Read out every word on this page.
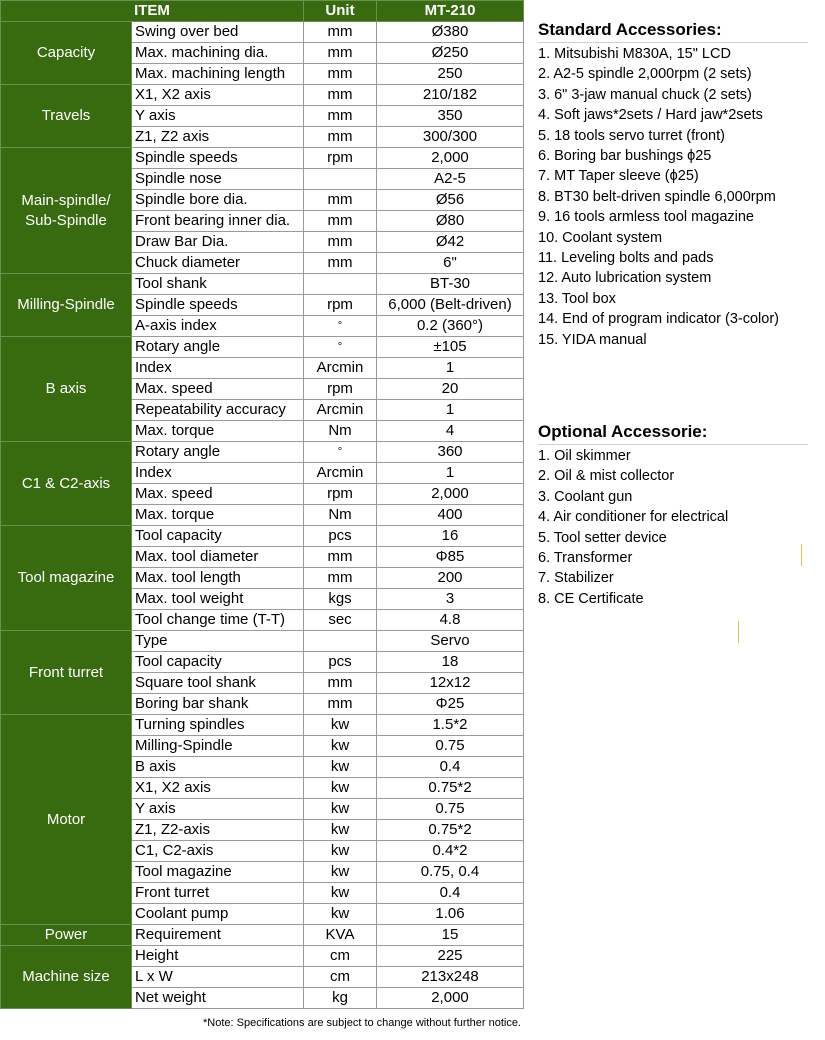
ITEM		Unit	MT-210
Capacity	Swing over bed	mm	Ø380
	Max. machining dia.	mm	Ø250
	Max. machining length	mm	250
Travels	X1, X2 axis	mm	210/182
	Y axis	mm	350
	Z1, Z2 axis	mm	300/300
Main-spindle/ Sub-Spindle	Spindle speeds	rpm	2,000
	Spindle nose		A2-5
	Spindle bore dia.	mm	Ø56
	Front bearing inner dia.	mm	Ø80
	Draw Bar Dia.	mm	Ø42
	Chuck diameter	mm	6"
Milling-Spindle	Tool shank		BT-30
	Spindle speeds	rpm	6,000 (Belt-driven)
	A-axis index	°	0.2 (360°)
B axis	Rotary angle	°	±105
	Index	Arcmin	1
	Max. speed	rpm	20
	Repeatability accuracy	Arcmin	1
	Max. torque	Nm	4
C1 & C2-axis	Rotary angle	°	360
	Index	Arcmin	1
	Max. speed	rpm	2,000
	Max. torque	Nm	400
Tool magazine	Tool capacity	pcs	16
	Max. tool diameter	mm	Φ85
	Max. tool length	mm	200
	Max. tool weight	kgs	3
	Tool change time (T-T)	sec	4.8
Front turret	Type		Servo
	Tool capacity	pcs	18
	Square tool shank	mm	12x12
	Boring bar shank	mm	Φ25
Motor	Turning spindles	kw	1.5*2
	Milling-Spindle	kw	0.75
	B axis	kw	0.4
	X1, X2 axis	kw	0.75*2
	Y axis	kw	0.75
	Z1, Z2-axis	kw	0.75*2
	C1, C2-axis	kw	0.4*2
	Tool magazine	kw	0.75, 0.4
	Front turret	kw	0.4
	Coolant pump	kw	1.06
Power	Requirement	KVA	15
Machine size	Height	cm	225
	L x W	cm	213x248
	Net weight	kg	2,000
*Note: Specifications are subject to change without further notice.
Standard Accessories:
1. Mitsubishi M830A, 15" LCD
2. A2-5 spindle 2,000rpm (2 sets)
3. 6" 3-jaw manual chuck (2 sets)
4. Soft jaws*2sets / Hard jaw*2sets
5. 18 tools servo turret (front)
6. Boring bar bushings ϕ25
7. MT Taper sleeve (ϕ25)
8. BT30 belt-driven spindle 6,000rpm
9. 16 tools armless tool magazine
10. Coolant system
11. Leveling bolts and pads
12. Auto lubrication system
13. Tool box
14. End of program indicator (3-color)
15. YIDA manual
Optional Accessorie:
1. Oil skimmer
2. Oil & mist collector
3. Coolant gun
4. Air conditioner for electrical
5. Tool setter device
6. Transformer
7. Stabilizer
8. CE Certificate
